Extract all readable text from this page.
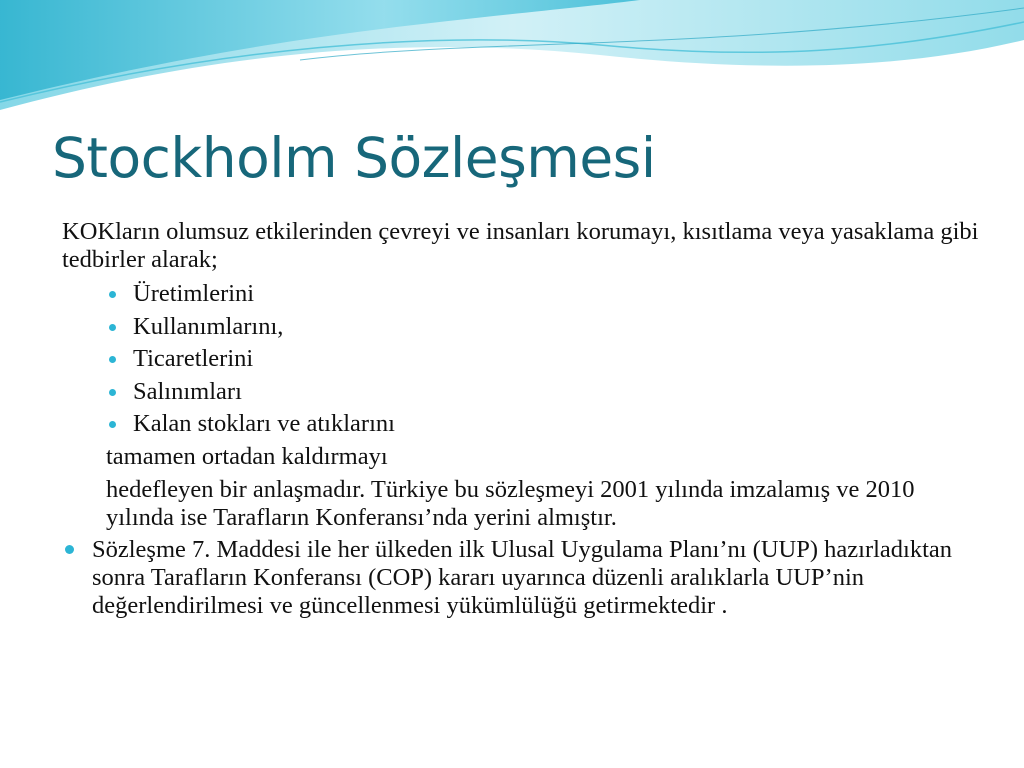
Stockholm Sözleşmesi

KOKların olumsuz etkilerinden çevreyi ve insanları korumayı, kısıtlama veya yasaklama gibi tedbirler alarak;

Üretimlerini
Kullanımlarını,
Ticaretlerini
Salınımları
Kalan stokları ve atıklarını

tamamen ortadan kaldırmayı

hedefleyen bir anlaşmadır. Türkiye bu sözleşmeyi 2001 yılında imzalamış ve 2010 yılında ise Tarafların Konferansı’nda yerini almıştır.

Sözleşme 7. Maddesi ile her ülkeden ilk Ulusal Uygulama Planı’nı (UUP) hazırladıktan sonra Tarafların Konferansı (COP) kararı uyarınca düzenli aralıklarla UUP’nin değerlendirilmesi ve güncellenmesi yükümlülüğü getirmektedir .
